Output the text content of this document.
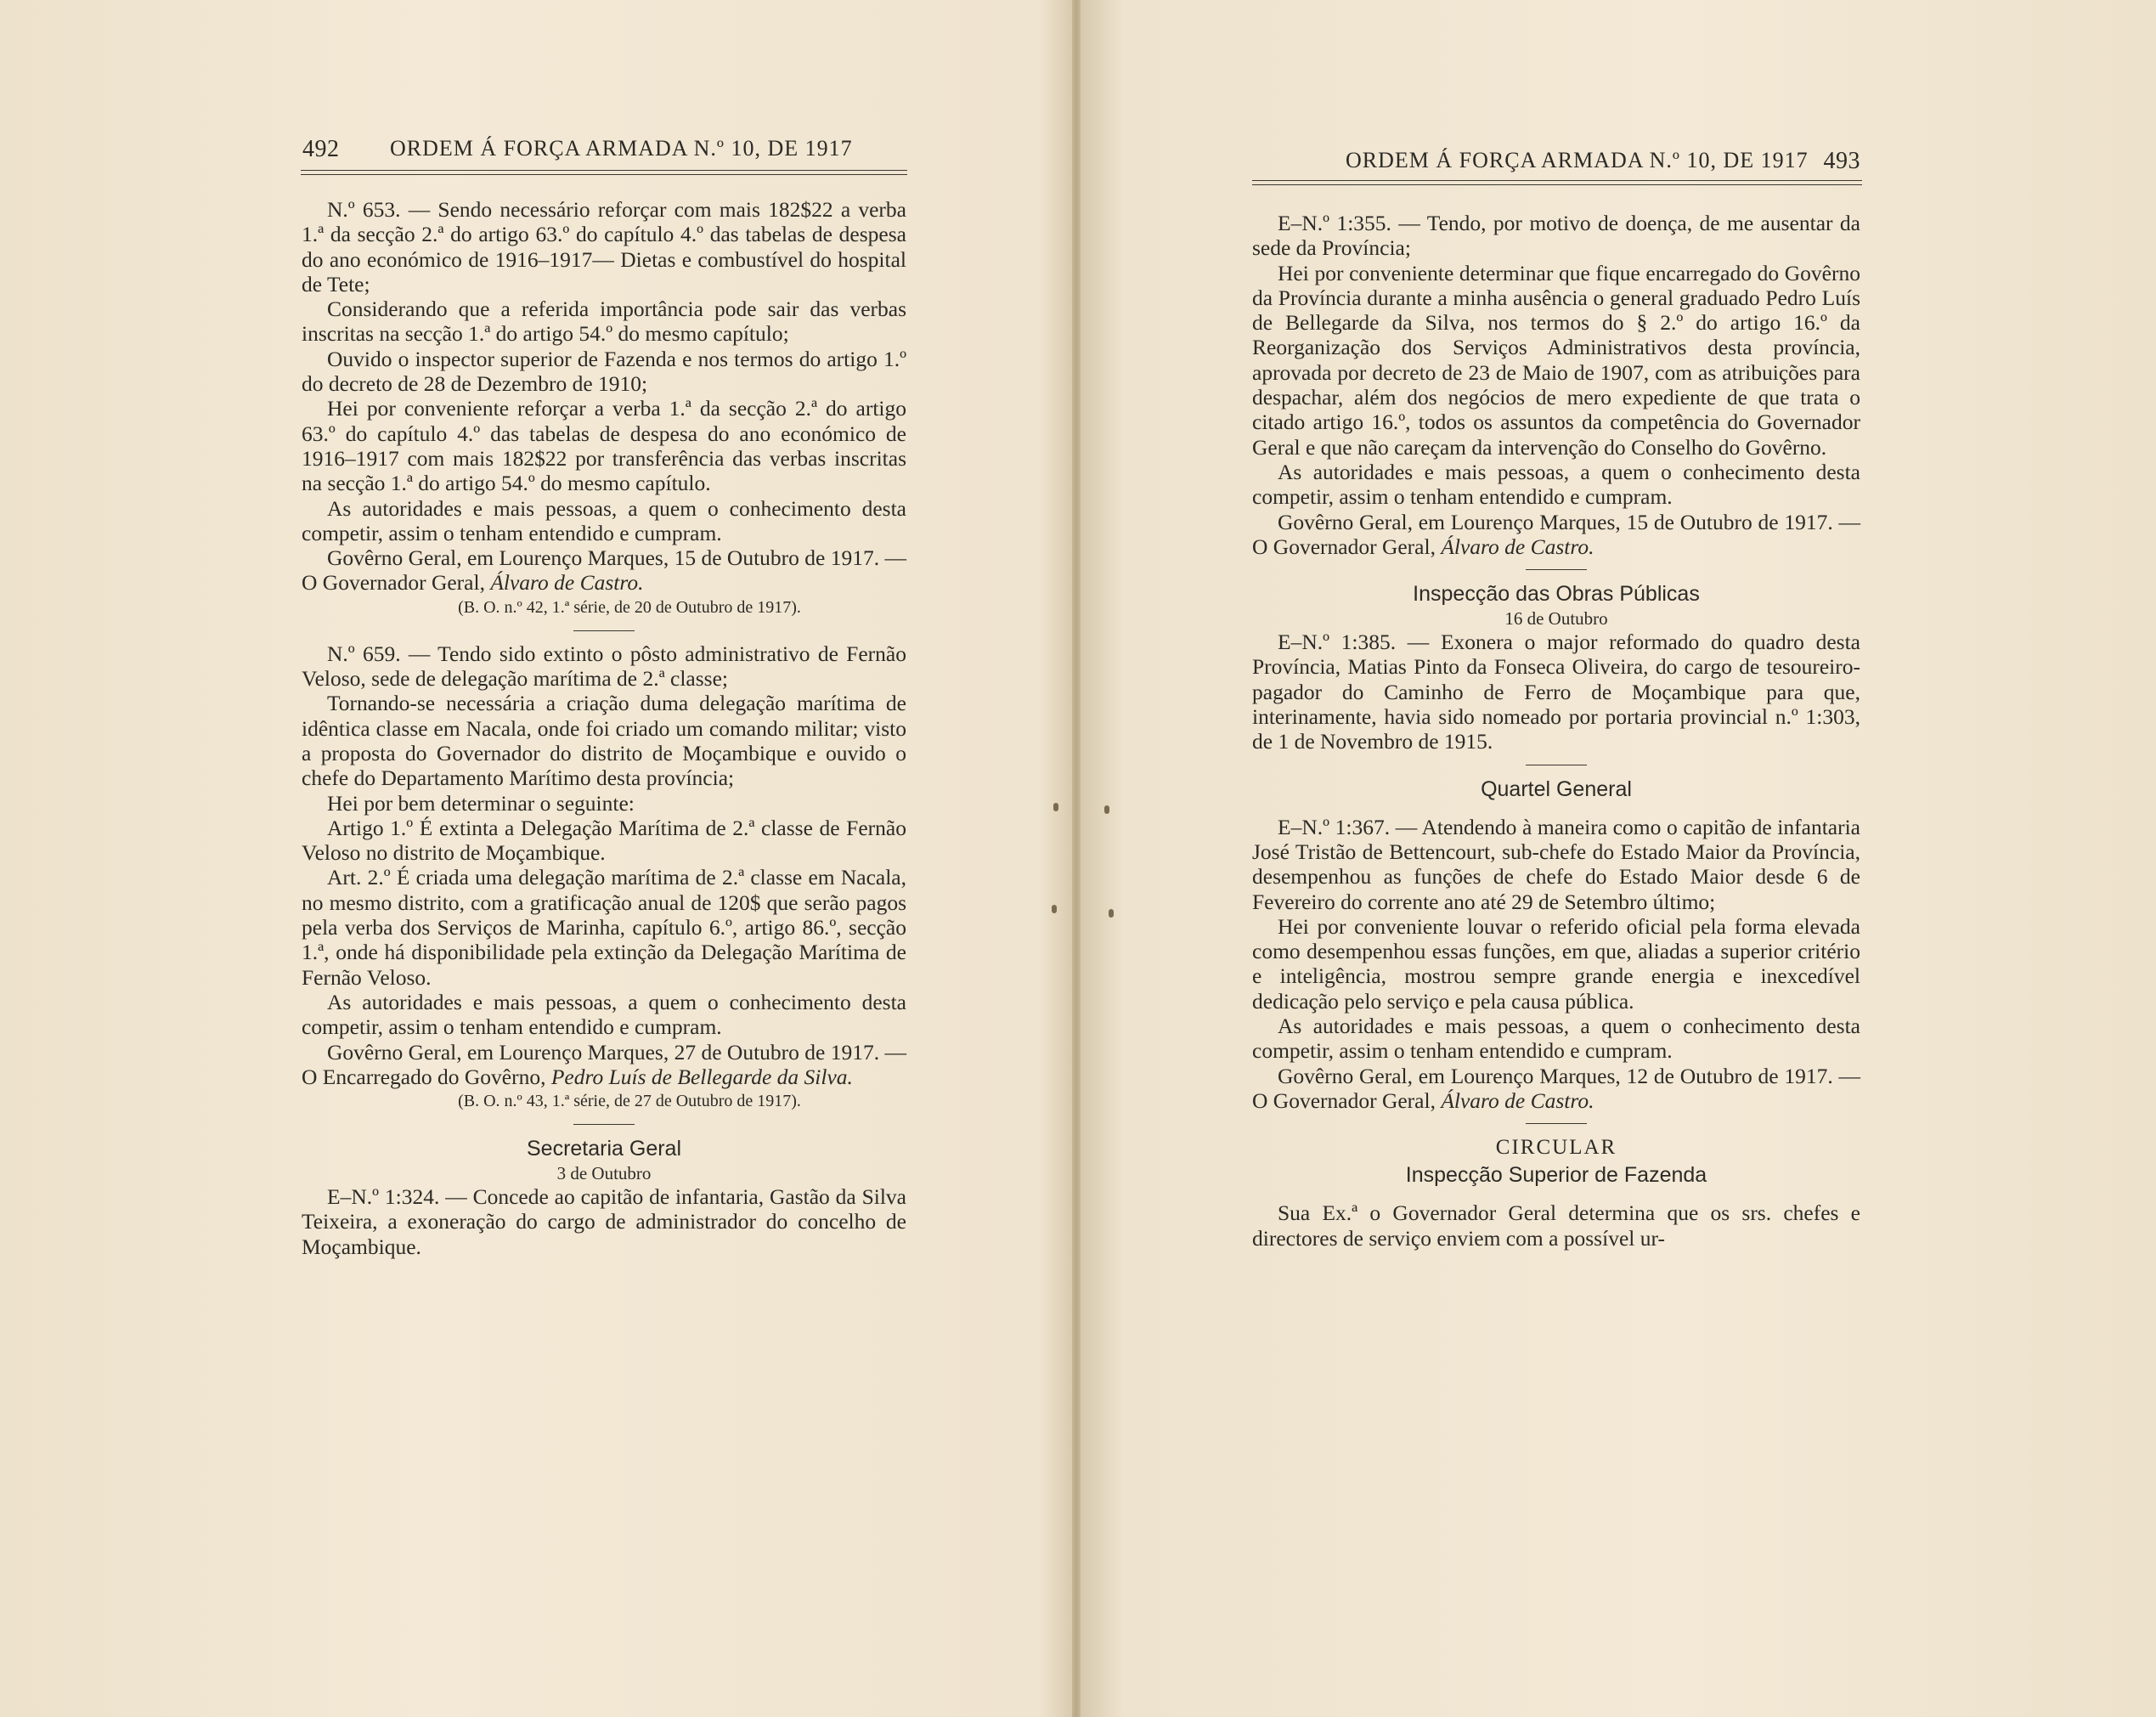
492 ORDEM Á FORÇA ARMADA N.º 10, DE 1917	ORDEM Á FORÇA ARMADA N.º 10, DE 1917 493

N.º 653. — Sendo necessário reforçar com mais 182$22 a verba 1.ª da secção 2.ª do artigo 63.º do capítulo 4.º das tabelas de despesa do ano económico de 1916–1917— Dietas e combustível do hospital de Tete;

Considerando que a referida importância pode sair das verbas inscritas na secção 1.ª do artigo 54.º do mesmo capítulo;

Ouvido o inspector superior de Fazenda e nos termos do artigo 1.º do decreto de 28 de Dezembro de 1910;

Hei por conveniente reforçar a verba 1.ª da secção 2.ª do artigo 63.º do capítulo 4.º das tabelas de despesa do ano económico de 1916–1917 com mais 182$22 por transferência das verbas inscritas na secção 1.ª do artigo 54.º do mesmo capítulo.

As autoridades e mais pessoas, a quem o conhecimento desta competir, assim o tenham entendido e cumpram.

Govêrno Geral, em Lourenço Marques, 15 de Outubro de 1917. — O Governador Geral, Álvaro de Castro.

(B. O. n.º 42, 1.ª série, de 20 de Outubro de 1917).

N.º 659. — Tendo sido extinto o pôsto administrativo de Fernão Veloso, sede de delegação marítima de 2.ª classe;

Tornando-se necessária a criação duma delegação marítima de idêntica classe em Nacala, onde foi criado um comando militar; visto a proposta do Governador do distrito de Moçambique e ouvido o chefe do Departamento Marítimo desta província;

Hei por bem determinar o seguinte:

Artigo 1.º É extinta a Delegação Marítima de 2.ª classe de Fernão Veloso no distrito de Moçambique.

Art. 2.º É criada uma delegação marítima de 2.ª classe em Nacala, no mesmo distrito, com a gratificação anual de 120$ que serão pagos pela verba dos Serviços de Marinha, capítulo 6.º, artigo 86.º, secção 1.ª, onde há disponibilidade pela extinção da Delegação Marítima de Fernão Veloso.

As autoridades e mais pessoas, a quem o conhecimento desta competir, assim o tenham entendido e cumpram.

Govêrno Geral, em Lourenço Marques, 27 de Outubro de 1917. — O Encarregado do Govêrno, Pedro Luís de Bellegarde da Silva.

(B. O. n.º 43, 1.ª série, de 27 de Outubro de 1917).

Secretaria Geral

3 de Outubro

E–N.º 1:324. — Concede ao capitão de infantaria, Gastão da Silva Teixeira, a exoneração do cargo de administrador do concelho de Moçambique.

E–N.º 1:355. — Tendo, por motivo de doença, de me ausentar da sede da Província;

Hei por conveniente determinar que fique encarregado do Govêrno da Província durante a minha ausência o general graduado Pedro Luís de Bellegarde da Silva, nos termos do § 2.º do artigo 16.º da Reorganização dos Serviços Administrativos desta província, aprovada por decreto de 23 de Maio de 1907, com as atribuições para despachar, além dos negócios de mero expediente de que trata o citado artigo 16.º, todos os assuntos da competência do Governador Geral e que não careçam da intervenção do Conselho do Govêrno.

As autoridades e mais pessoas, a quem o conhecimento desta competir, assim o tenham entendido e cumpram.

Govêrno Geral, em Lourenço Marques, 15 de Outubro de 1917. — O Governador Geral, Álvaro de Castro.

Inspecção das Obras Públicas

16 de Outubro

E–N.º 1:385. — Exonera o major reformado do quadro desta Província, Matias Pinto da Fonseca Oliveira, do cargo de tesoureiro-pagador do Caminho de Ferro de Moçambique para que, interinamente, havia sido nomeado por portaria provincial n.º 1:303, de 1 de Novembro de 1915.

Quartel General

E–N.º 1:367. — Atendendo à maneira como o capitão de infantaria José Tristão de Bettencourt, sub-chefe do Estado Maior da Província, desempenhou as funções de chefe do Estado Maior desde 6 de Fevereiro do corrente ano até 29 de Setembro último;

Hei por conveniente louvar o referido oficial pela forma elevada como desempenhou essas funções, em que, aliadas a superior critério e inteligência, mostrou sempre grande energia e inexcedível dedicação pelo serviço e pela causa pública.

As autoridades e mais pessoas, a quem o conhecimento desta competir, assim o tenham entendido e cumpram.

Govêrno Geral, em Lourenço Marques, 12 de Outubro de 1917. — O Governador Geral, Álvaro de Castro.

CIRCULAR

Inspecção Superior de Fazenda

Sua Ex.ª o Governador Geral determina que os srs. chefes e directores de serviço enviem com a possível ur-
